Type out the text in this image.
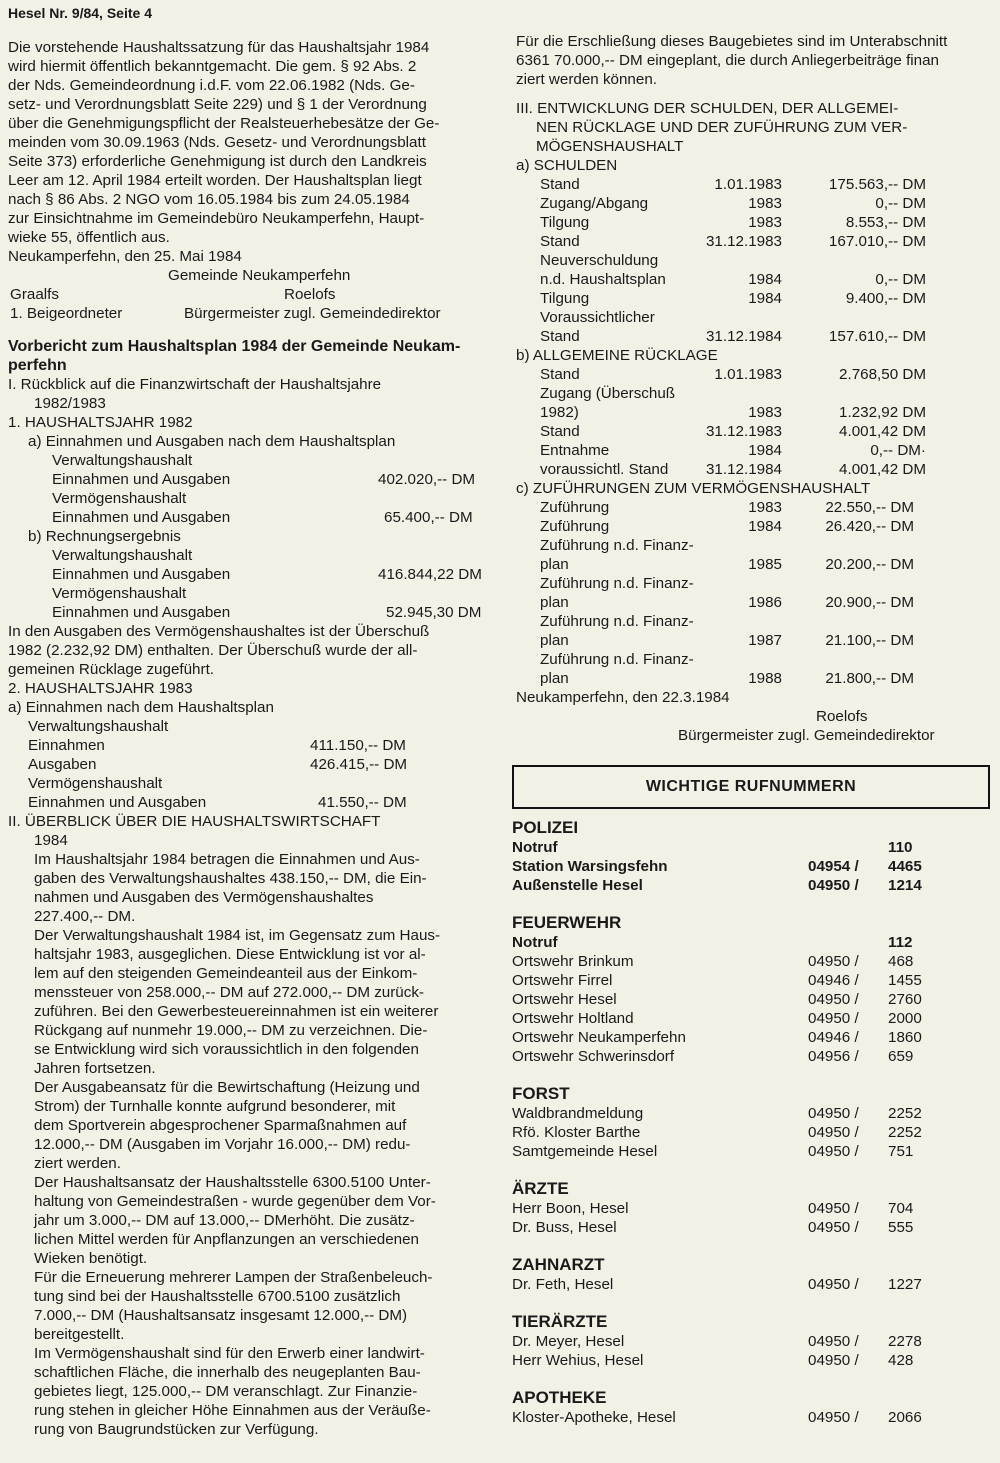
Hesel Nr. 9/84, Seite 4

Die vorstehende Haushaltssatzung für das Haushaltsjahr 1984

wird hiermit öffentlich bekanntgemacht. Die gem. § 92 Abs. 2

der Nds. Gemeindeordnung i.d.F. vom 22.06.1982 (Nds. Ge-

setz- und Verordnungsblatt Seite 229) und § 1 der Verordnung

über die Genehmigungspflicht der Realsteuerhebesätze der Ge-

meinden vom 30.09.1963 (Nds. Gesetz- und Verordnungsblatt

Seite 373) erforderliche Genehmigung ist durch den Landkreis

Leer am 12. April 1984 erteilt worden. Der Haushaltsplan liegt

nach § 86 Abs. 2 NGO vom 16.05.1984 bis zum 24.05.1984

zur Einsichtnahme im Gemeindebüro Neukamperfehn, Haupt-

wieke 55, öffentlich aus.

Neukamperfehn, den 25. Mai 1984

Gemeinde Neukamperfehn
Graalfs	Roelofs
1. Beigeordneter	Bürgermeister zugl. Gemeindedirektor

Vorbericht zum Haushaltsplan 1984 der Gemeinde Neukam-

perfehn

I. Rückblick auf die Finanzwirtschaft der Haushaltsjahre

1982/1983

1. HAUSHALTSJAHR 1982

a) Einnahmen und Ausgaben nach dem Haushaltsplan

Verwaltungshaushalt

Einnahmen und Ausgaben	402.020,-- DM

Vermögenshaushalt

Einnahmen und Ausgaben	65.400,-- DM

b) Rechnungsergebnis

Verwaltungshaushalt

Einnahmen und Ausgaben	416.844,22 DM

Vermögenshaushalt

Einnahmen und Ausgaben	52.945,30 DM

In den Ausgaben des Vermögenshaushaltes ist der Überschuß

1982 (2.232,92 DM) enthalten. Der Überschuß wurde der all-

gemeinen Rücklage zugeführt.

2. HAUSHALTSJAHR 1983

a) Einnahmen nach dem Haushaltsplan

Verwaltungshaushalt

Einnahmen	411.150,-- DM
Ausgaben	426.415,-- DM

Vermögenshaushalt

Einnahmen und Ausgaben	41.550,-- DM

II. ÜBERBLICK ÜBER DIE HAUSHALTSWIRTSCHAFT

1984

Im Haushaltsjahr 1984 betragen die Einnahmen und Aus-

gaben des Verwaltungshaushaltes 438.150,-- DM, die Ein-

nahmen und Ausgaben des Vermögenshaushaltes

227.400,-- DM.

Der Verwaltungshaushalt 1984 ist, im Gegensatz zum Haus-

haltsjahr 1983, ausgeglichen. Diese Entwicklung ist vor al-

lem auf den steigenden Gemeindeanteil aus der Einkom-

menssteuer von 258.000,-- DM auf 272.000,-- DM zurück-

zuführen. Bei den Gewerbesteuereinnahmen ist ein weiterer

Rückgang auf nunmehr 19.000,-- DM zu verzeichnen. Die-

se Entwicklung wird sich voraussichtlich in den folgenden

Jahren fortsetzen.

Der Ausgabeansatz für die Bewirtschaftung (Heizung und

Strom) der Turnhalle konnte aufgrund besonderer, mit

dem Sportverein abgesprochener Sparmaßnahmen auf

12.000,-- DM (Ausgaben im Vorjahr 16.000,-- DM) redu-

ziert werden.

Der Haushaltsansatz der Haushaltsstelle 6300.5100 Unter-

haltung von Gemeindestraßen - wurde gegenüber dem Vor-

jahr um 3.000,-- DM auf 13.000,-- DMerhöht. Die zusätz-

lichen Mittel werden für Anpflanzungen an verschiedenen

Wieken benötigt.

Für die Erneuerung mehrerer Lampen der Straßenbeleuch-

tung sind bei der Haushaltsstelle 6700.5100 zusätzlich

7.000,-- DM (Haushaltsansatz insgesamt 12.000,-- DM)

bereitgestellt.

Im Vermögenshaushalt sind für den Erwerb einer landwirt-

schaftlichen Fläche, die innerhalb des neugeplanten Bau-

gebietes liegt, 125.000,-- DM veranschlagt. Zur Finanzie-

rung stehen in gleicher Höhe Einnahmen aus der Veräuße-

rung von Baugrundstücken zur Verfügung.

Für die Erschließung dieses Baugebietes sind im Unterabschnitt

6361 70.000,-- DM eingeplant, die durch Anliegerbeiträge finan

ziert werden können.

III. ENTWICKLUNG DER SCHULDEN, DER ALLGEMEI-

NEN RÜCKLAGE UND DER ZUFÜHRUNG ZUM VER-

MÖGENSHAUSHALT

a) SCHULDEN

Stand	1.01.1983	175.563,-- DM
Zugang/Abgang	1983	0,-- DM
Tilgung	1983	8.553,-- DM
Stand	31.12.1983	167.010,-- DM
Neuverschuldung
n.d. Haushaltsplan	1984	0,-- DM
Tilgung	1984	9.400,-- DM
Voraussichtlicher
Stand	31.12.1984	157.610,-- DM

b) ALLGEMEINE RÜCKLAGE

Stand	1.01.1983	2.768,50 DM
Zugang (Überschuß
1982)	1983	1.232,92 DM
Stand	31.12.1983	4.001,42 DM
Entnahme	1984	0,-- DM·
voraussichtl. Stand 31.12.1984	4.001,42 DM

c) ZUFÜHRUNGEN ZUM VERMÖGENSHAUSHALT

Zuführung	1983	22.550,-- DM
Zuführung	1984	26.420,-- DM
Zuführung n.d. Finanz-
plan	1985	20.200,-- DM
Zuführung n.d. Finanz-
plan	1986	20.900,-- DM
Zuführung n.d. Finanz-
plan	1987	21.100,-- DM
Zuführung n.d. Finanz-
plan	1988	21.800,-- DM

Neukamperfehn, den 22.3.1984

Roelofs
Bürgermeister zugl. Gemeindedirektor
WICHTIGE RUFNUMMERN
POLIZEI
Notruf	110
Station Warsingsfehn	04954 / 4465
Außenstelle Hesel	04950 / 1214
FEUERWEHR
Notruf	112
Ortswehr Brinkum	04950 / 468
Ortswehr Firrel	04946 / 1455
Ortswehr Hesel	04950 / 2760
Ortswehr Holtland	04950 / 2000
Ortswehr Neukamperfehn	04946 / 1860
Ortswehr Schwerinsdorf	04956 / 659
FORST
Waldbrandmeldung	04950 / 2252
Rfö. Kloster Barthe	04950 / 2252
Samtgemeinde Hesel	04950 / 751
ÄRZTE
Herr Boon, Hesel	04950 / 704
Dr. Buss, Hesel	04950 / 555
ZAHNARZT
Dr. Feth, Hesel	04950 / 1227
TIERÄRZTE
Dr. Meyer, Hesel	04950 / 2278
Herr Wehius, Hesel	04950 / 428
APOTHEKE
Kloster-Apotheke, Hesel	04950 / 2066
